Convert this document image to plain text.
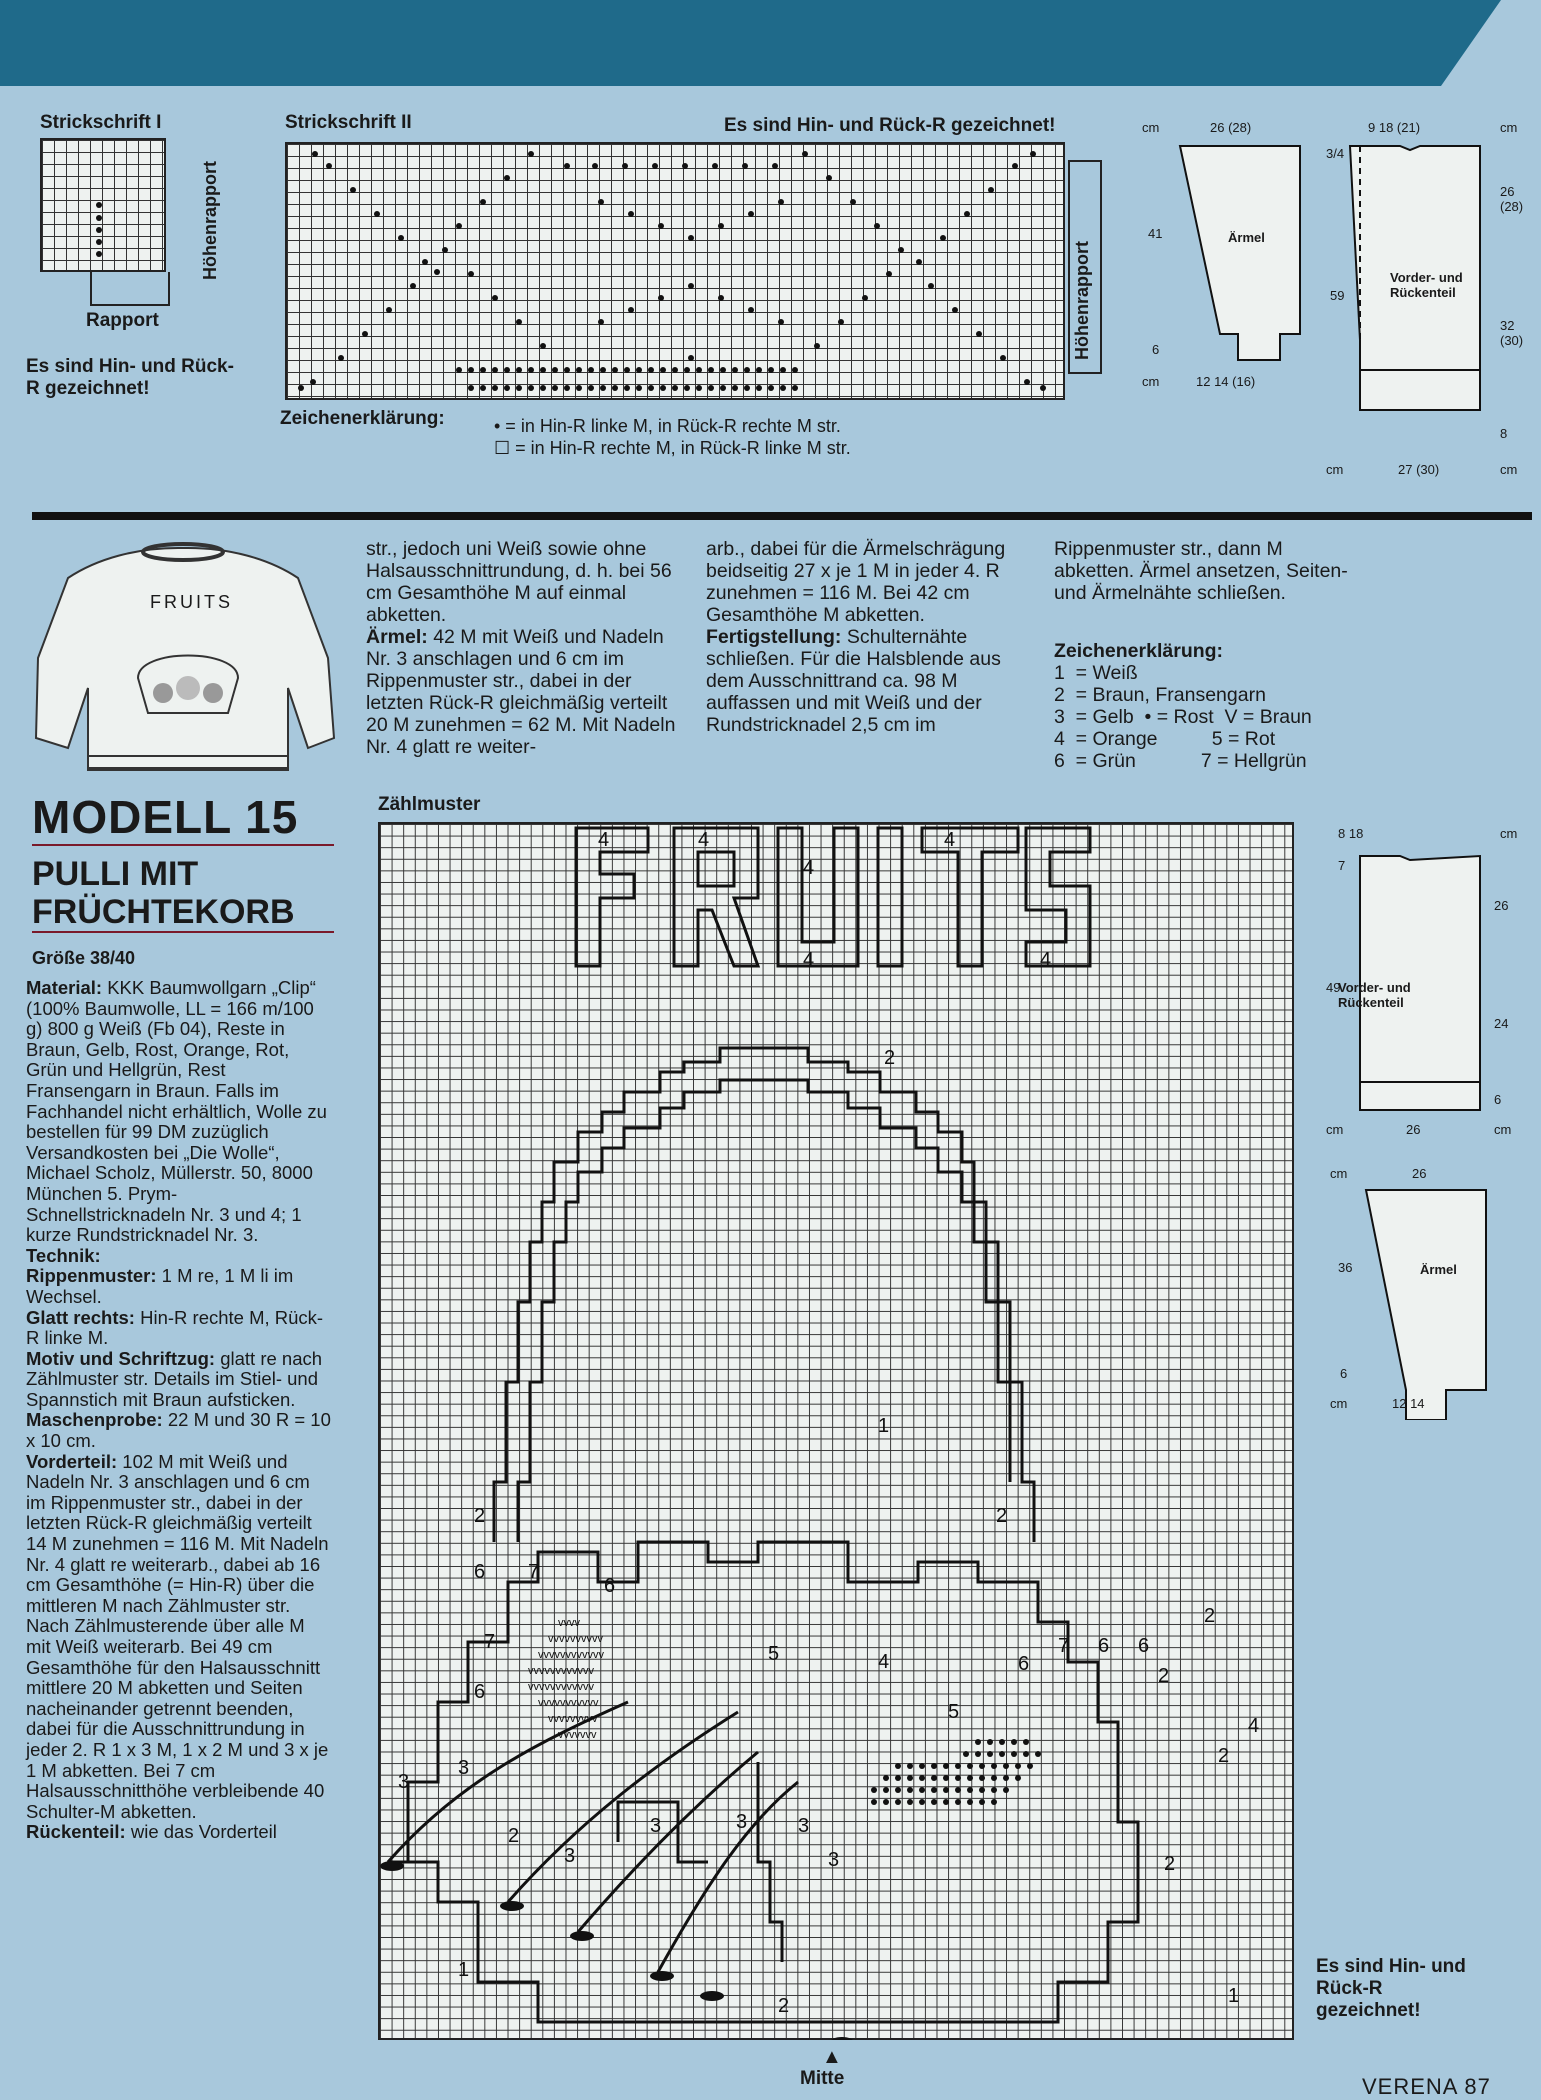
Strickschrift I
Rapport
Höhenrapport
Es sind Hin- und Rück-R gezeichnet!
Strickschrift II	Es sind Hin- und Rück-R gezeichnet!
Höhenrapport
Zeichenerklärung:	• = in Hin-R linke M, in Rück-R rechte M str.
☐ = in Hin-R rechte M, in Rück-R linke M str.
cm	26 (28)
41	Ärmel
6
cm	12 14 (16)
9 18 (21)	cm
3/4
26 (28)
59
Vorder- und Rückenteil
32 (30)
8
cm	27 (30)	cm
FRUITS
MODELL 15
PULLI MIT
FRÜCHTEKORB
Größe 38/40
Material: KKK Baumwollgarn „Clip“ (100% Baumwolle, LL = 166 m/100 g) 800 g Weiß (Fb 04), Reste in Braun, Gelb, Rost, Orange, Rot, Grün und Hellgrün, Rest Fransengarn in Braun. Falls im Fachhandel nicht erhältlich, Wolle zu bestellen für 99 DM zuzüglich Versandkosten bei „Die Wolle“, Michael Scholz, Müllerstr. 50, 8000 München 5. Prym-Schnellstricknadeln Nr. 3 und 4; 1 kurze Rundstricknadel Nr. 3.
Technik:
Rippenmuster: 1 M re, 1 M li im Wechsel.
Glatt rechts: Hin-R rechte M, Rück-R linke M.
Motiv und Schriftzug: glatt re nach Zählmuster str. Details im Stiel- und Spannstich mit Braun aufsticken.
Maschenprobe: 22 M und 30 R = 10 x 10 cm.
Vorderteil: 102 M mit Weiß und Nadeln Nr. 3 anschlagen und 6 cm im Rippenmuster str., dabei in der letzten Rück-R gleichmäßig verteilt 14 M zunehmen = 116 M. Mit Nadeln Nr. 4 glatt re weiterarb., dabei ab 16 cm Gesamthöhe (= Hin-R) über die mittleren M nach Zählmuster str. Nach Zählmusterende über alle M mit Weiß weiterarb. Bei 49 cm Gesamthöhe für den Halsausschnitt mittlere 20 M abketten und Seiten nacheinander getrennt beenden, dabei für die Ausschnittrundung in jeder 2. R 1 x 3 M, 1 x 2 M und 3 x je 1 M abketten. Bei 7 cm Halsausschnitthöhe verbleibende 40 Schulter-M abketten.
Rückenteil: wie das Vorderteil
str., jedoch uni Weiß sowie ohne Halsausschnittrundung, d. h. bei 56 cm Gesamthöhe M auf einmal abketten.
Ärmel: 42 M mit Weiß und Nadeln Nr. 3 anschlagen und 6 cm im Rippenmuster str., dabei in der letzten Rück-R gleichmäßig verteilt 20 M zunehmen = 62 M. Mit Nadeln Nr. 4 glatt re weiter-
arb., dabei für die Ärmelschrägung beidseitig 27 x je 1 M in jeder 4. R zunehmen = 116 M. Bei 42 cm Gesamthöhe M abketten.
Fertigstellung: Schulternähte schließen. Für die Halsblende aus dem Ausschnittrand ca. 98 M auffassen und mit Weiß und der Rundstricknadel 2,5 cm im
Rippenmuster str., dann M abketten. Ärmel ansetzen, Seiten- und Ärmelnähte schließen.
Zeichenerklärung:
1  = Weiß
2  = Braun, Fransengarn
3  = Gelb  • = Rost  V = Braun
4  = Orange          5 = Rot
6  = Grün            7 = Hellgrün
Zählmuster
4	4
4
4
4	4
2
1
2
2
6 7
6
7
6
3
3
2
3
3	3	3
3
5	4
5
6
7 6 6
2
2
4
2
2
1
2	1
vvvv
vvvvvvvvvv
vvvvvvvvvvvv
vvvvvvvvvvvv
vvvvvvvvvvvv
vvvvvvvvvvv
vvvvvvvvv
vvvvvvv
▲
Mitte
Es sind Hin- und Rück-R gezeichnet!
8 18	cm
7
26
Vorder- und Rückenteil
49
24
6
cm	26	cm
cm	26
36	Ärmel
6
cm	12 14
VERENA 87
